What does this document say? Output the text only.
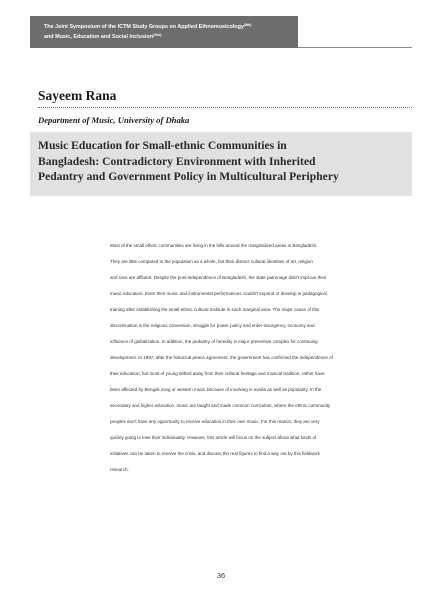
The Joint Symposium of the ICTM Study Groups on Applied Ethnomusicology$^{(8th)}$
and Music, Education and Social Inclusion$^{(2nd)}$
Sayeem Rana
Department of Music, University of Dhaka
Music Education for Small-ethnic Communities in
Bangladesh: Contradictory Environment with Inherited
Pedantry and Government Policy in Multicultural Periphery
Most of the small ethnic communities are living in the hills around the marginalized areas in Bangladesh.
They are little compared to the population as a whole, but their distinct cultural identities of art, religion
and race are affluent. Despite the post-independence of Bangladesh, the state patronage didn't improve their
music education. Even their music and instrumental performances couldn't expand or develop in pedagogical
training after establishing the small-ethnic cultural Institute in each marginal area. The major cause of this
discrimination is the religious conversion, struggle for power policy and enter-insurgency, economy and
influence of globalization. In addition, the pedantry of heredity is major preventive complex for continuing
development. In 1997, after the historical peace agreement, the government has confirmed the independence of
their education, but most of young drifted away from their cultural heritage and musical tradition, rather have
been affected by Bengali song or western music because of involving in media as well as popularity. In the
secondary and higher education, music are taught and made common curriculum, where the ethnic community
peoples don't have any opportunity to receive education in their own music. For this reason, they are very
quickly going to lose their individuality. However, this article will focus on the subject about what kinds of
initiatives can be taken to resolve the crisis, and discuss the real figures to find a way out by this fieldwork
research.
36
